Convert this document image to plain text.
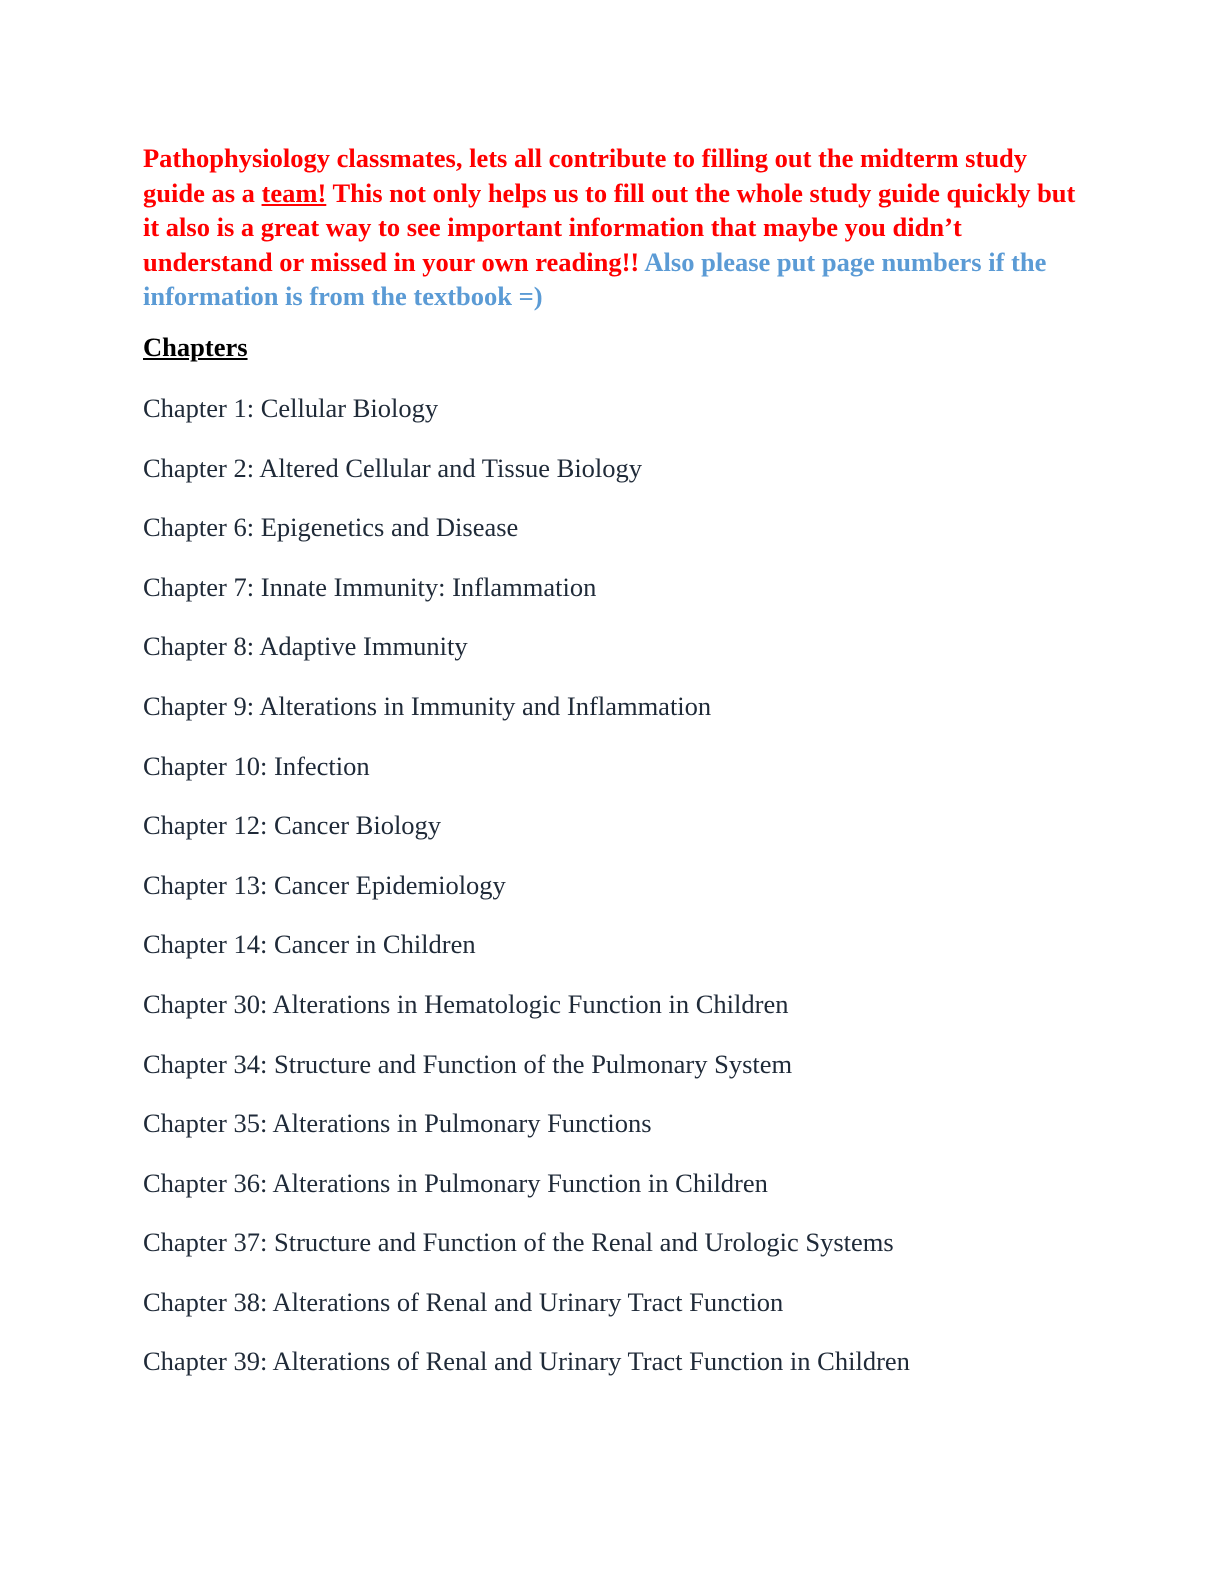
Pathophysiology classmates, lets all contribute to filling out the midterm study guide as a team! This not only helps us to fill out the whole study guide quickly but it also is a great way to see important information that maybe you didn’t understand or missed in your own reading!! Also please put page numbers if the information is from the textbook =)

Chapters
Chapter 1: Cellular Biology
Chapter 2: Altered Cellular and Tissue Biology
Chapter 6: Epigenetics and Disease
Chapter 7: Innate Immunity: Inflammation
Chapter 8: Adaptive Immunity
Chapter 9: Alterations in Immunity and Inflammation
Chapter 10: Infection
Chapter 12: Cancer Biology
Chapter 13: Cancer Epidemiology
Chapter 14: Cancer in Children
Chapter 30: Alterations in Hematologic Function in Children
Chapter 34: Structure and Function of the Pulmonary System
Chapter 35: Alterations in Pulmonary Functions
Chapter 36: Alterations in Pulmonary Function in Children
Chapter 37: Structure and Function of the Renal and Urologic Systems
Chapter 38: Alterations of Renal and Urinary Tract Function
Chapter 39: Alterations of Renal and Urinary Tract Function in Children
